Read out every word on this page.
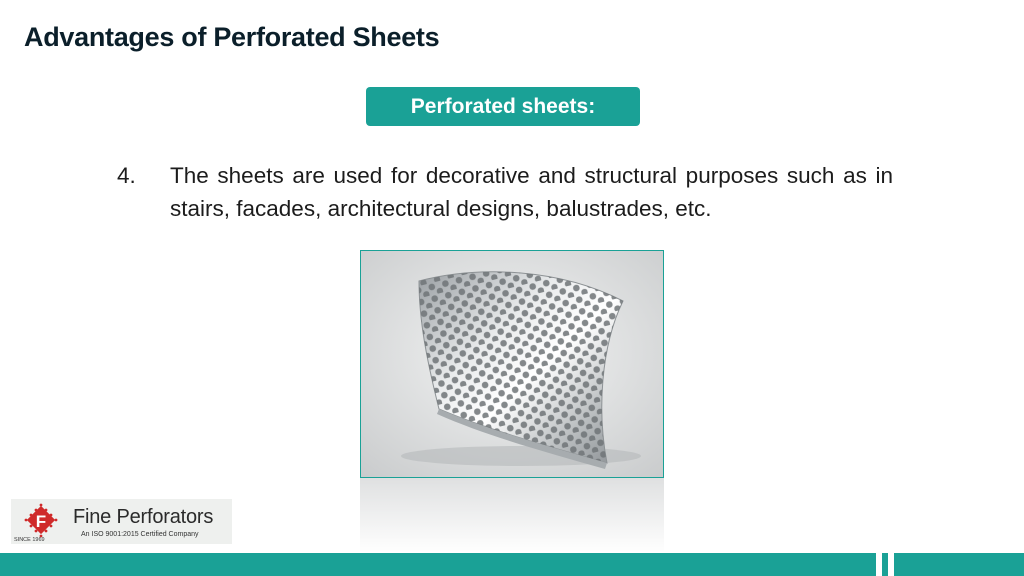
Advantages of Perforated Sheets
Perforated sheets:
4.	The sheets are used for decorative and structural purposes such as in stairs, facades, architectural designs, balustrades, etc.
F
SINCE 1969
Fine Perforators
An ISO 9001:2015 Certified Company
